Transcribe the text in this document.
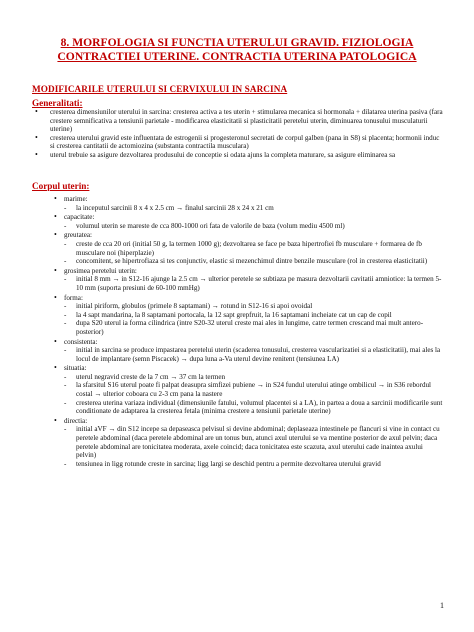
8. MORFOLOGIA SI FUNCTIA UTERULUI GRAVID. FIZIOLOGIA CONTRACTIEI UTERINE. CONTRACTIA UTERINA PATOLOGICA
MODIFICARILE UTERULUI SI CERVIXULUI IN SARCINA
Generalitati:
• cresterea dimensiunilor uterului in sarcina: cresterea activa a tes uterin + stimularea mecanica si hormonala + dilatarea uterina pasiva (fara crestere semnificativa a tensiunii parietale - modificarea elasticitatii si plasticitatii peretelui uterin, diminuarea tonusului musculaturii uterine)
• cresterea uterului gravid este influentata de estrogenii si progesteronul secretati de corpul galben (pana in S8) si placenta; hormonii induc si cresterea cantitatii de actomiozina (substanta contractila musculara)
• uterul trebuie sa asigure dezvoltarea produsului de conceptie si odata ajuns la completa maturare, sa asigure eliminarea sa
Corpul uterin:
• marime:
- la inceputul sarcinii 8 x 4 x 2.5 cm → finalul sarcinii 28 x 24 x 21 cm
• capacitate:
- volumul uterin se mareste de cca 800-1000 ori fata de valorile de baza (volum mediu 4500 ml)
• greutatea:
- creste de cca 20 ori (initial 50 g, la termen 1000 g); dezvoltarea se face pe baza hipertrofiei fb musculare + formarea de fb musculare noi (hiperplazie)
- concomitent, se hipertrofiaza si tes conjunctiv, elastic si mezenchimul dintre benzile musculare (rol in cresterea elasticitatii)
• grosimea peretelui uterin:
- initial 8 mm → in S12-16 ajunge la 2.5 cm → ulterior peretele se subtiaza pe masura dezvoltarii cavitatii amniotice: la termen 5-10 mm (suporta presiuni de 60-100 mmHg)
• forma:
- initial piriform, globulos (primele 8 saptamani) → rotund in S12-16 si apoi ovoidal
- la 4 sapt mandarina, la 8 saptamani portocala, la 12 sapt grepfruit, la 16 saptamani incheiate cat un cap de copil
- dupa S20 uterul ia forma cilindrica (intre S20-32 uterul creste mai ales in lungime, catre termen crescand mai mult antero-posterior)
• consistenta:
- initial in sarcina se produce impastarea peretelui uterin (scaderea tonusului, cresterea vascularizatiei si a elasticitatii), mai ales la locul de implantare (semn Piscacek) → dupa luna a-Va uterul devine renitent (tensiunea LA)
• situatia:
- uterul negravid creste de la 7 cm → 37 cm la termen
- la sfarsitul S16 uterul poate fi palpat deasupra simfizei pubiene → in S24 fundul uterului atinge ombilicul → in S36 rebordul costal → ulterior coboara cu 2-3 cm pana la nastere
- cresterea uterina variaza individual (dimensiunile fatului, volumul placentei si a LA), in partea a doua a sarcinii modificarile sunt conditionate de adaptarea la cresterea fetala (minima crestere a tensiunii parietale uterine)
• directia:
- initial aVF → din S12 incepe sa depaseasca pelvisul si devine abdominal; deplaseaza intestinele pe flancuri si vine in contact cu peretele abdominal (daca peretele abdominal are un tonus bun, atunci axul uterului se va mentine posterior de axul pelvin; daca peretele abdominal are tonicitatea moderata, axele coincid; daca tonicitatea este scazuta, axul uterului cade inaintea axului pelvin)
- tensiunea in ligg rotunde creste in sarcina; ligg largi se deschid pentru a permite dezvoltarea uterului gravid
1
